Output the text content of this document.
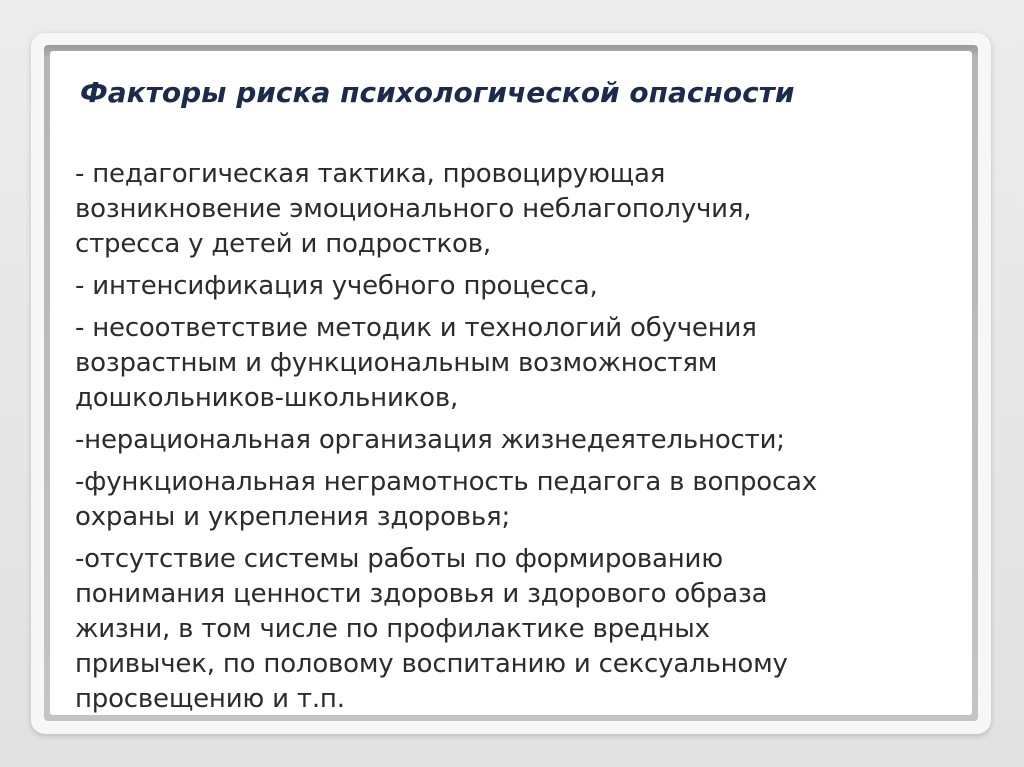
Факторы риска психологической опасности
- педагогическая тактика, провоцирующая
возникновение эмоционального неблагополучия,
стресса у детей и подростков,
- интенсификация учебного процесса,
- несоответствие методик и технологий обучения
возрастным и функциональным возможностям
дошкольников-школьников,
-нерациональная организация жизнедеятельности;
-функциональная неграмотность педагога в вопросах
охраны и укрепления здоровья;
-отсутствие системы работы по формированию
понимания ценности здоровья и здорового образа
жизни, в том числе по профилактике вредных
привычек, по половому воспитанию и сексуальному
просвещению и т.п.
